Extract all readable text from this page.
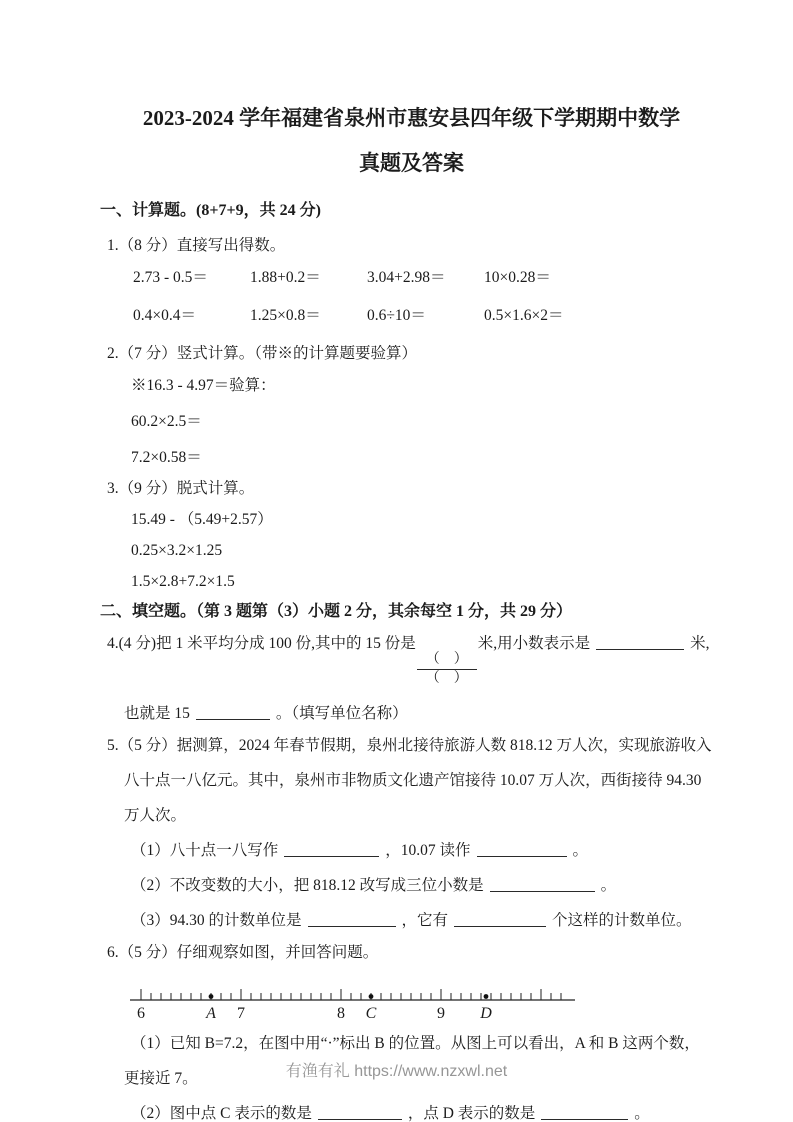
2023-2024 学年福建省泉州市惠安县四年级下学期期中数学
真题及答案
一、计算题。(8+7+9，共 24 分)
1.（8 分）直接写出得数。
2.73 - 0.5＝	1.88+0.2＝	3.04+2.98＝	10×0.28＝
0.4×0.4＝	1.25×0.8＝	0.6÷10＝	0.5×1.6×2＝
2.（7 分）竖式计算。（带※的计算题要验算）
※16.3 - 4.97＝验算：
60.2×2.5＝
7.2×0.58＝
3.（9 分）脱式计算。
15.49 - （5.49+2.57）
0.25×3.2×1.25
1.5×2.8+7.2×1.5
二、填空题。（第 3 题第（3）小题 2 分，其余每空 1 分，共 29 分）
4.(4 分)把 1 米平均分成 100 份,其中的 15 份是
$\frac{( )}{( )}$
米,用小数表示是	米,
也就是 15	。（填写单位名称）
5.（5 分）据测算，2024 年春节假期，泉州北接待旅游人数 818.12 万人次，实现旅游收入
八十点一八亿元。其中，泉州市非物质文化遗产馆接待 10.07 万人次，西街接待 94.30
万人次。
（1）八十点一八写作	，10.07 读作	。
（2）不改变数的大小，把 818.12 改写成三位小数是	。
（3）94.30 的计数单位是	，它有	个这样的计数单位。
6.（5 分）仔细观察如图，并回答问题。
6	7	8	9
A	C	D
（1）已知 B=7.2，在图中用“·”标出 B 的位置。从图上可以看出，A 和 B 这两个数，
更接近 7。
（2）图中点 C 表示的数是	，点 D 表示的数是	。
有渔有礼 https://www.nzxwl.net
